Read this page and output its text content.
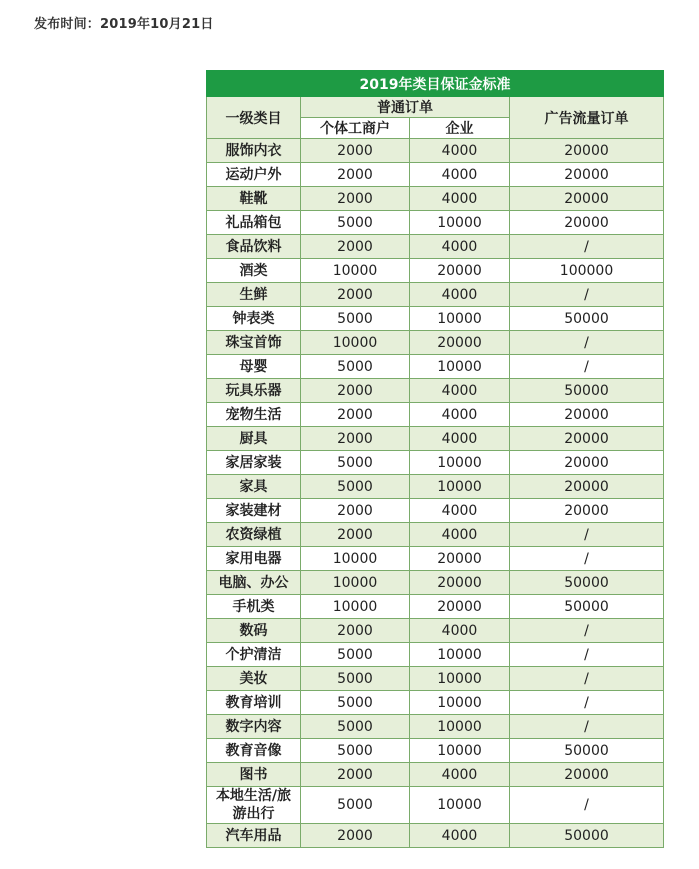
发布时间：2019年10月21日
2019年类目保证金标准			
一级类目	普通订单		广告流量订单
	个体工商户	企业	
服饰内衣	2000	4000	20000
运动户外	2000	4000	20000
鞋靴	2000	4000	20000
礼品箱包	5000	10000	20000
食品饮料	2000	4000	/
酒类	10000	20000	100000
生鲜	2000	4000	/
钟表类	5000	10000	50000
珠宝首饰	10000	20000	/
母婴	5000	10000	/
玩具乐器	2000	4000	50000
宠物生活	2000	4000	20000
厨具	2000	4000	20000
家居家装	5000	10000	20000
家具	5000	10000	20000
家装建材	2000	4000	20000
农资绿植	2000	4000	/
家用电器	10000	20000	/
电脑、办公	10000	20000	50000
手机类	10000	20000	50000
数码	2000	4000	/
个护清洁	5000	10000	/
美妆	5000	10000	/
教育培训	5000	10000	/
数字内容	5000	10000	/
教育音像	5000	10000	50000
图书	2000	4000	20000
本地生活/旅游出行	5000	10000	/
汽车用品	2000	4000	50000
